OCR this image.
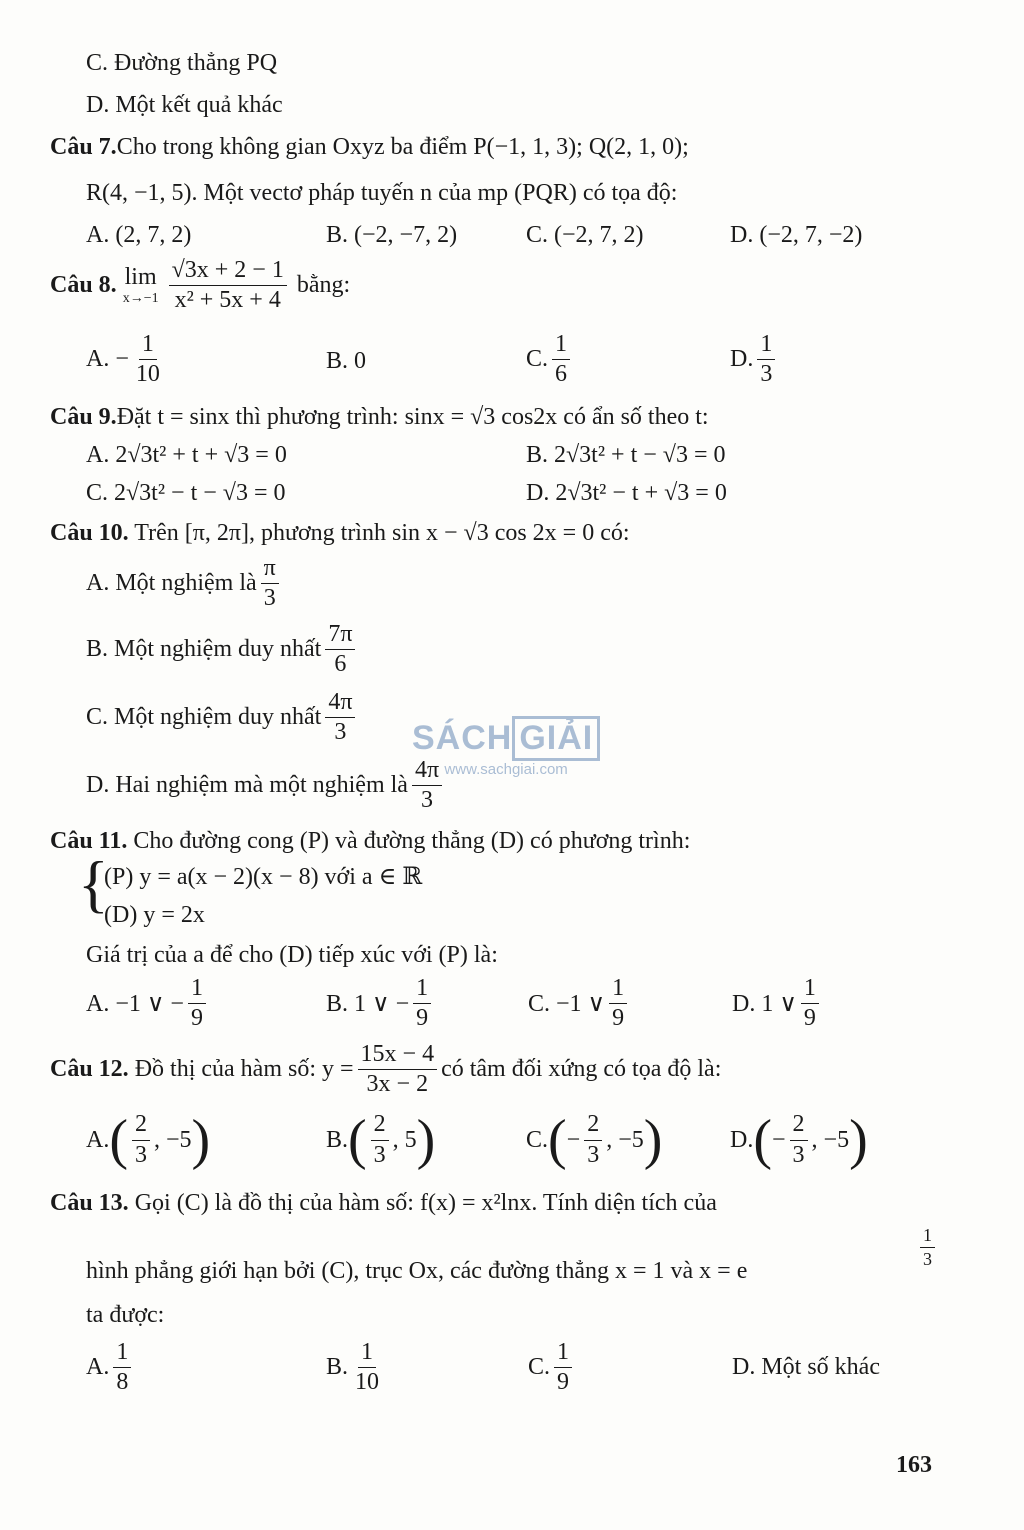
C. Đường thẳng PQ
D. Một kết quả khác
Câu 7.Cho trong không gian Oxyz ba điểm P(−1, 1, 3); Q(2, 1, 0);
R(4, −1, 5). Một vectơ pháp tuyến n của mp (PQR) có tọa độ:
A. (2, 7, 2)	B. (−2, −7, 2)	C. (−2, 7, 2)	D. (−2, 7, −2)
Câu 8. lim
$x\to-1 \frac{√3x + 2 - 1}{\text{x² + 5x + 4}}$ bằng:
A. − $\frac{1}{10}$	B. 0	C. $\frac{1}{6}$	D. $\frac{1}{3}$
Câu 9.Đặt t = sinx thì phương trình: sinx = √3 cos2x có ẩn số theo t:
A. 2√3t² + t + √3 = 0	B. 2√3t² + t − √3 = 0
C. 2√3t² − t − √3 = 0	D. 2√3t² − t + √3 = 0
Câu 10. Trên [π, 2π], phương trình sin x − √3 cos 2x = 0 có:
A. Một nghiệm là $\frac{\pi}{3}$
B. Một nghiệm duy nhất $\frac{7\pi}{6}$
C. Một nghiệm duy nhất $\frac{4\pi}{3}$
D. Hai nghiệm mà một nghiệm là $\frac{4\pi}{3}$
SÁCH GIẢI
www.sachgiai.com
Câu 11. Cho đường cong (P) và đường thẳng (D) có phương trình:
{
(P) y = a(x − 2)(x − 8) với a ∈ ℝ
(D) y = 2x
Giá trị của a để cho (D) tiếp xúc với (P) là:
A. −1 ∨ − $\frac{1}{9}$	B. 1 ∨ − $\frac{1}{9}$	C. −1 ∨ $\frac{1}{9}$	D. 1 ∨ $\frac{1}{9}$
Câu 12. Đồ thị của hàm số: $y = \frac{15x - 4}{3x - 2}$ có tâm đối xứng có tọa độ là:
A. ( $\frac{2}{3}$ , −5 )	B. ( $\frac{2}{3}$ , 5 )	C. ( − $\frac{2}{3}$ , −5 )	D. ( − $\frac{2}{3}$ , −5 )
Câu 13. Gọi (C) là đồ thị của hàm số: f(x) = x²lnx. Tính diện tích của
hình phẳng giới hạn bởi (C), trục Ox, các đường thẳng x = 1 và x = e
$\frac{1}{3}$
ta được:
A. $\frac{1}{8}$	B. $\frac{1}{10}$	C. $\frac{1}{9}$	D. Một số khác
163
